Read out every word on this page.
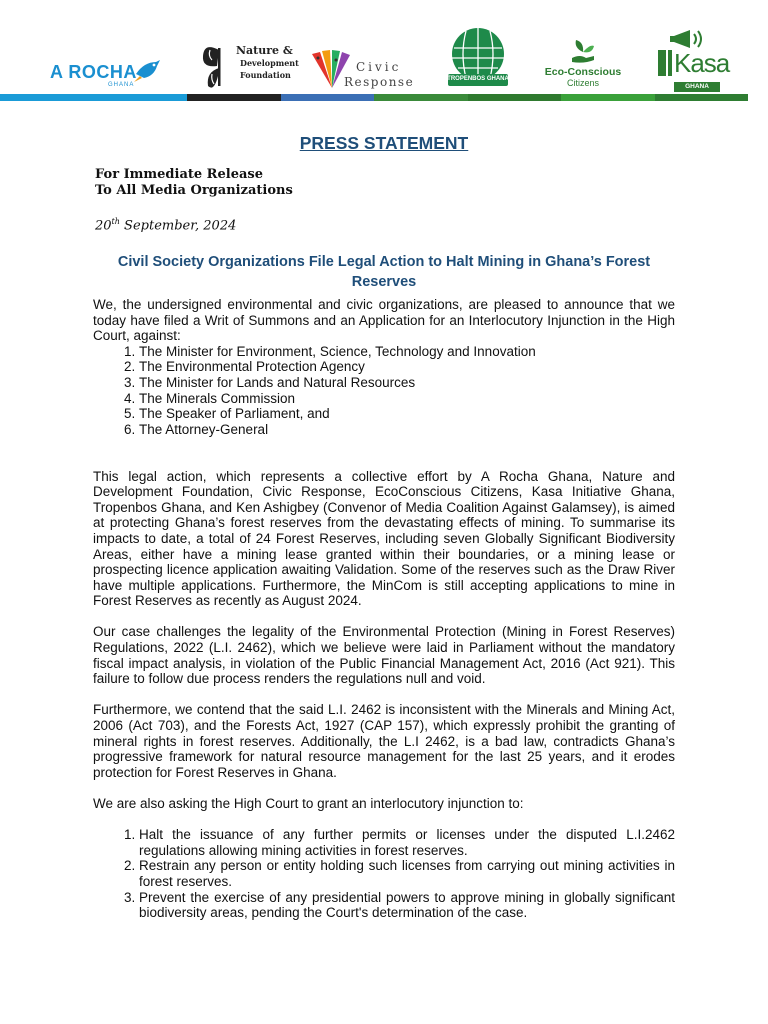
A ROCHA
GHANA
Nature &
Development
Foundation
Civic
Response	TROPENBOS GHANA
Eco-Conscious
Citizens
Kasa
GHANA
PRESS STATEMENT
For Immediate Release
To All Media Organizations
20th September, 2024
Civil Society Organizations File Legal Action to Halt Mining in Ghana’s Forest Reserves

We, the undersigned environmental and civic organizations, are pleased to announce that we today have filed a Writ of Summons and an Application for an Interlocutory Injunction in the High Court, against:

1. The Minister for Environment, Science, Technology and Innovation
2. The Environmental Protection Agency
3. The Minister for Lands and Natural Resources
4. The Minerals Commission
5. The Speaker of Parliament, and
6. The Attorney-General

This legal action, which represents a collective effort by A Rocha Ghana, Nature and Development Foundation, Civic Response, EcoConscious Citizens, Kasa Initiative Ghana, Tropenbos Ghana, and Ken Ashigbey (Convenor of Media Coalition Against Galamsey), is aimed at protecting Ghana’s forest reserves from the devastating effects of mining. To summarise its impacts to date, a total of 24 Forest Reserves, including seven Globally Significant Biodiversity Areas, either have a mining lease granted within their boundaries, or a mining lease or prospecting licence application awaiting Validation. Some of the reserves such as the Draw River have multiple applications. Furthermore, the MinCom is still accepting applications to mine in Forest Reserves as recently as August 2024.

Our case challenges the legality of the Environmental Protection (Mining in Forest Reserves) Regulations, 2022 (L.I. 2462), which we believe were laid in Parliament without the mandatory fiscal impact analysis, in violation of the Public Financial Management Act, 2016 (Act 921). This failure to follow due process renders the regulations null and void.

Furthermore, we contend that the said L.I. 2462 is inconsistent with the Minerals and Mining Act, 2006 (Act 703), and the Forests Act, 1927 (CAP 157), which expressly prohibit the granting of mineral rights in forest reserves. Additionally, the L.I 2462, is a bad law, contradicts Ghana’s progressive framework for natural resource management for the last 25 years, and it erodes protection for Forest Reserves in Ghana.

We are also asking the High Court to grant an interlocutory injunction to:

1. Halt the issuance of any further permits or licenses under the disputed L.I.2462 regulations allowing mining activities in forest reserves.
2. Restrain any person or entity holding such licenses from carrying out mining activities in forest reserves.
3. Prevent the exercise of any presidential powers to approve mining in globally significant biodiversity areas, pending the Court's determination of the case.
